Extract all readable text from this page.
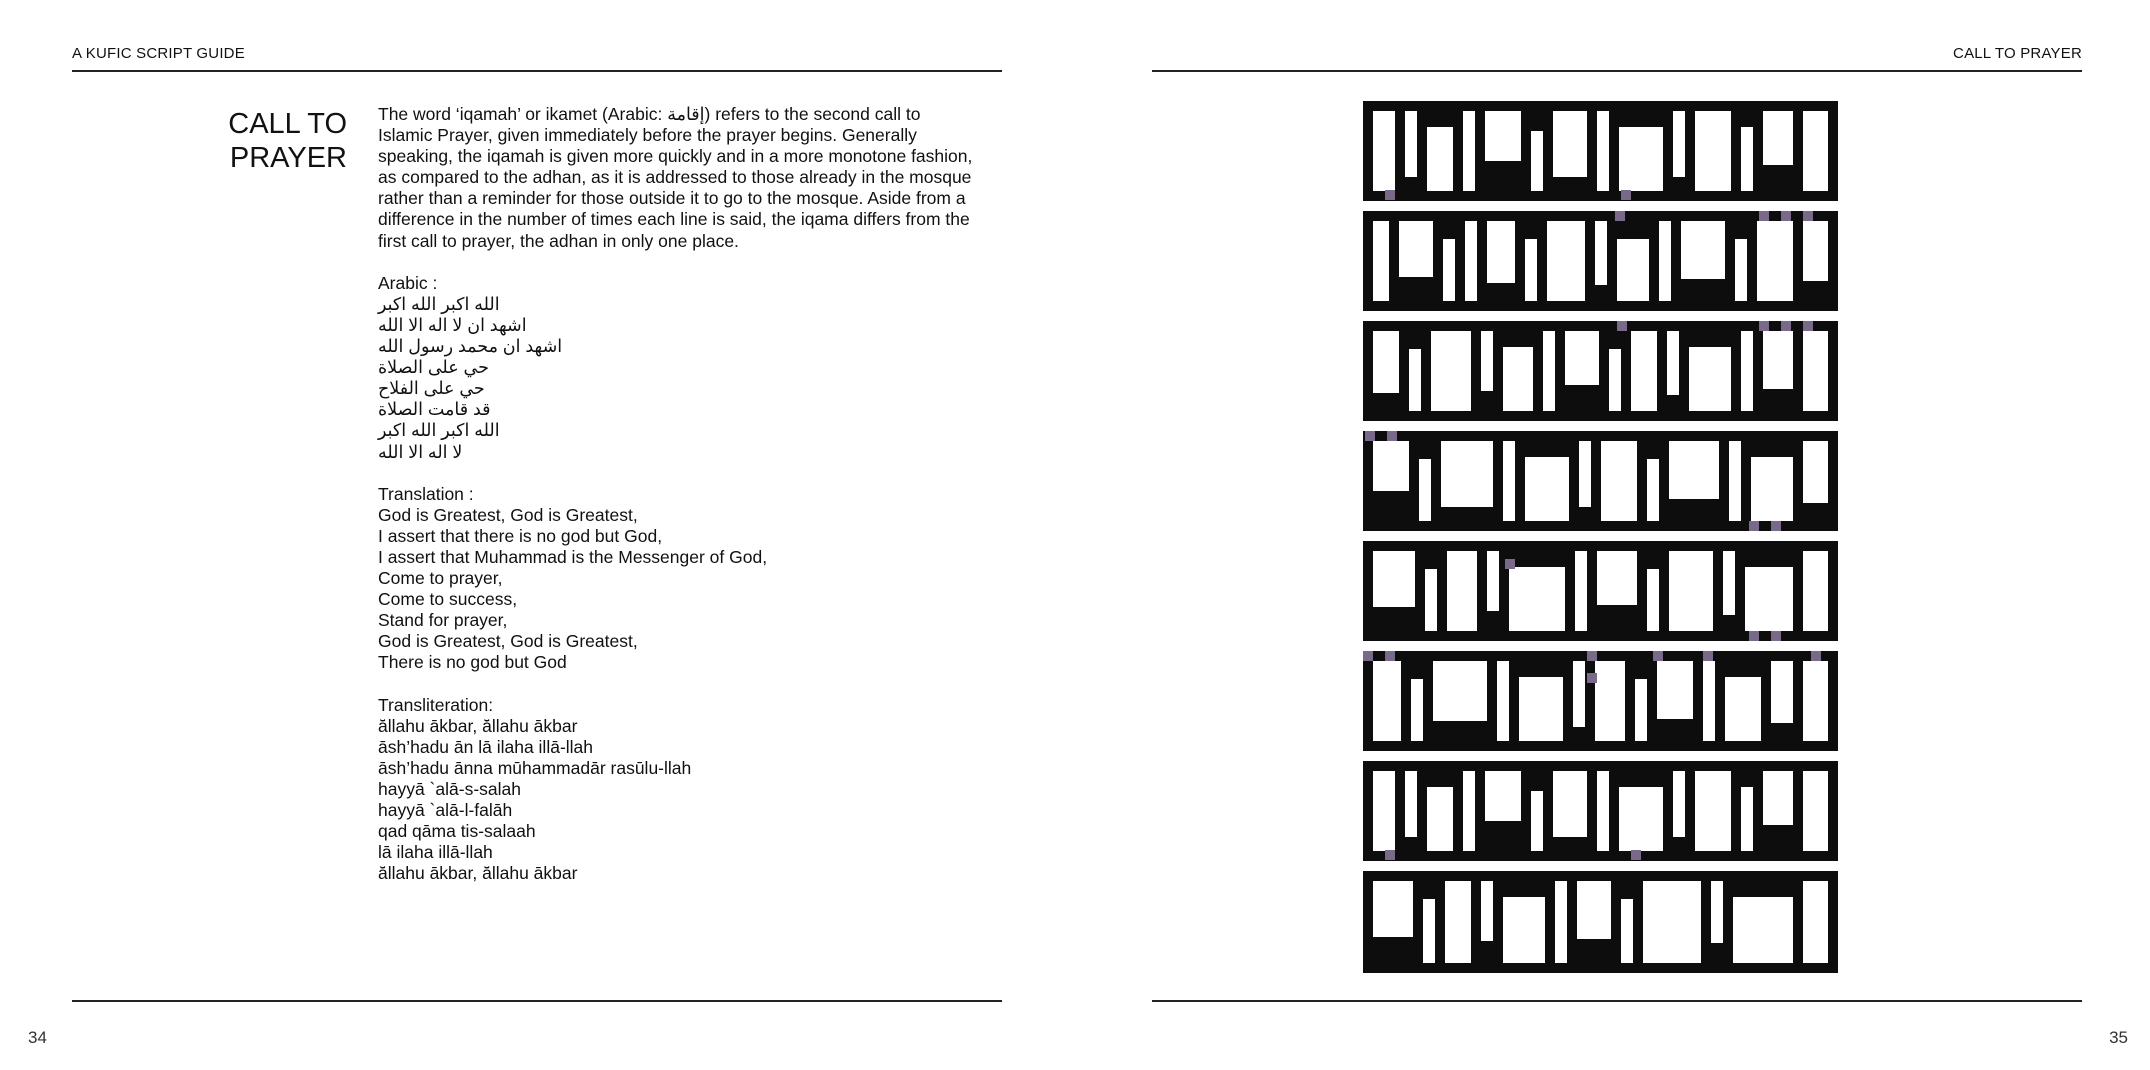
A KUFIC SCRIPT GUIDE	CALL TO PRAYER
34	35
CALL TO
PRAYER

The word ‘iqamah’ or ikamet (Arabic: إقامة‎) refers to the second call to Islamic Prayer, given immediately before the prayer begins. Generally speaking, the iqamah is given more quickly and in a more monotone fashion, as compared to the adhan, as it is addressed to those already in the mosque rather than a reminder for those outside it to go to the mosque. Aside from a difference in the number of times each line is said, the iqama differs from the first call to prayer, the adhan in only one place.

Arabic :
الله اكبر الله اكبر
اشهد ان لا اله الا الله
اشهد ان محمد رسول الله
حي على الصلاة
حي على الفلاح
قد قامت الصلاة
الله اكبر الله اكبر
لا اله الا الله
Translation :
God is Greatest, God is Greatest,
I assert that there is no god but God,
I assert that Muhammad is the Messenger of God,
Come to prayer,
Come to success,
Stand for prayer,
God is Greatest, God is Greatest,
There is no god but God
Transliteration:
ā̆llahu ākbar, ā̆llahu ākbar
āsh’hadu ān lā ilaha illā-llah
āsh’hadu ānna mūhammadār rasūlu-llah
hayyā `alā-s-salah
hayyā `alā-l-falāh
qad qāma tis-salaah
lā ilaha illā-llah
ā̆llahu ākbar, ā̆llahu ākbar
